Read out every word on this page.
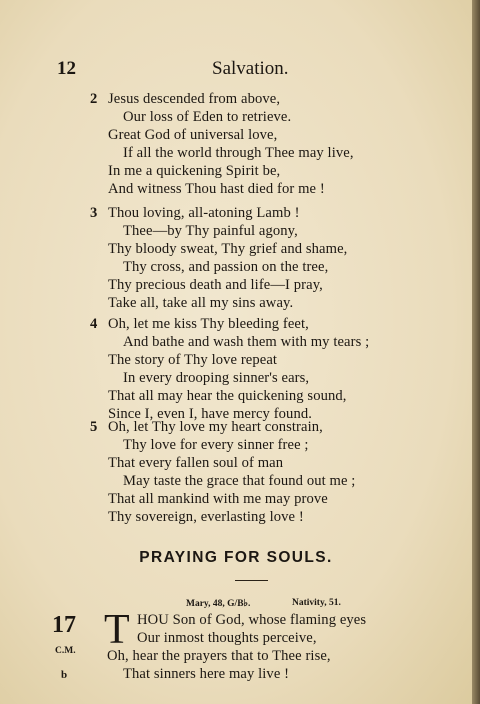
12	Salvation.
2 Jesus descended from above,
Our loss of Eden to retrieve.
Great God of universal love,
If all the world through Thee may live,
In me a quickening Spirit be,
And witness Thou hast died for me !
3 Thou loving, all-atoning Lamb !
Thee—by Thy painful agony,
Thy bloody sweat, Thy grief and shame,
Thy cross, and passion on the tree,
Thy precious death and life—I pray,
Take all, take all my sins away.
4 Oh, let me kiss Thy bleeding feet,
And bathe and wash them with my tears ;
The story of Thy love repeat
In every drooping sinner's ears,
That all may hear the quickening sound,
Since I, even I, have mercy found.
5 Oh, let Thy love my heart constrain,
Thy love for every sinner free ;
That every fallen soul of man
May taste the grace that found out me ;
That all mankind with me may prove
Thy sovereign, everlasting love !
PRAYING FOR SOULS.
Mary, 48, G/B♭.	Nativity, 51.
17
C.M.
b
T HOU Son of God, whose flaming eyes
Our inmost thoughts perceive,
Oh, hear the prayers that to Thee rise,
That sinners here may live !
